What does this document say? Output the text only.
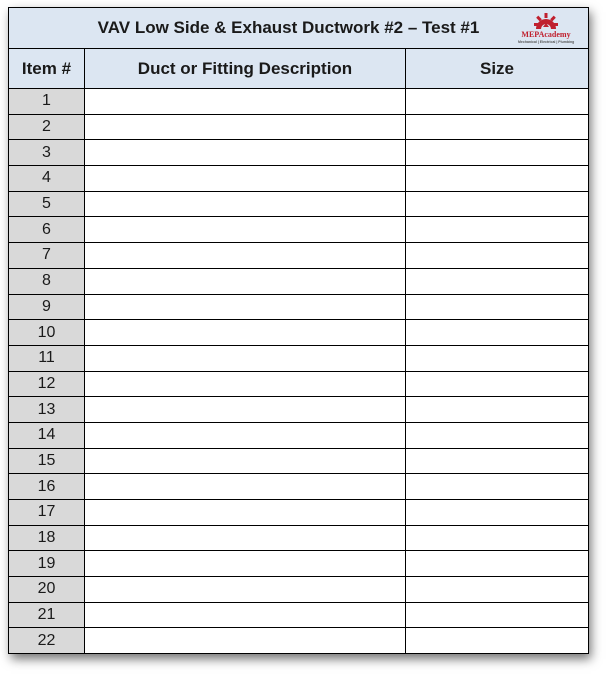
VAV Low Side & Exhaust Ductwork #2 – Test #1 MEPAcademy
Mechanical | Electrical | Plumbing		

Item #	Duct or Fitting Description	Size
1		
2		
3		
4		
5		
6		
7		
8		
9		
10		
11		
12		
13		
14		
15		
16		
17		
18		
19		
20		
21		
22		
